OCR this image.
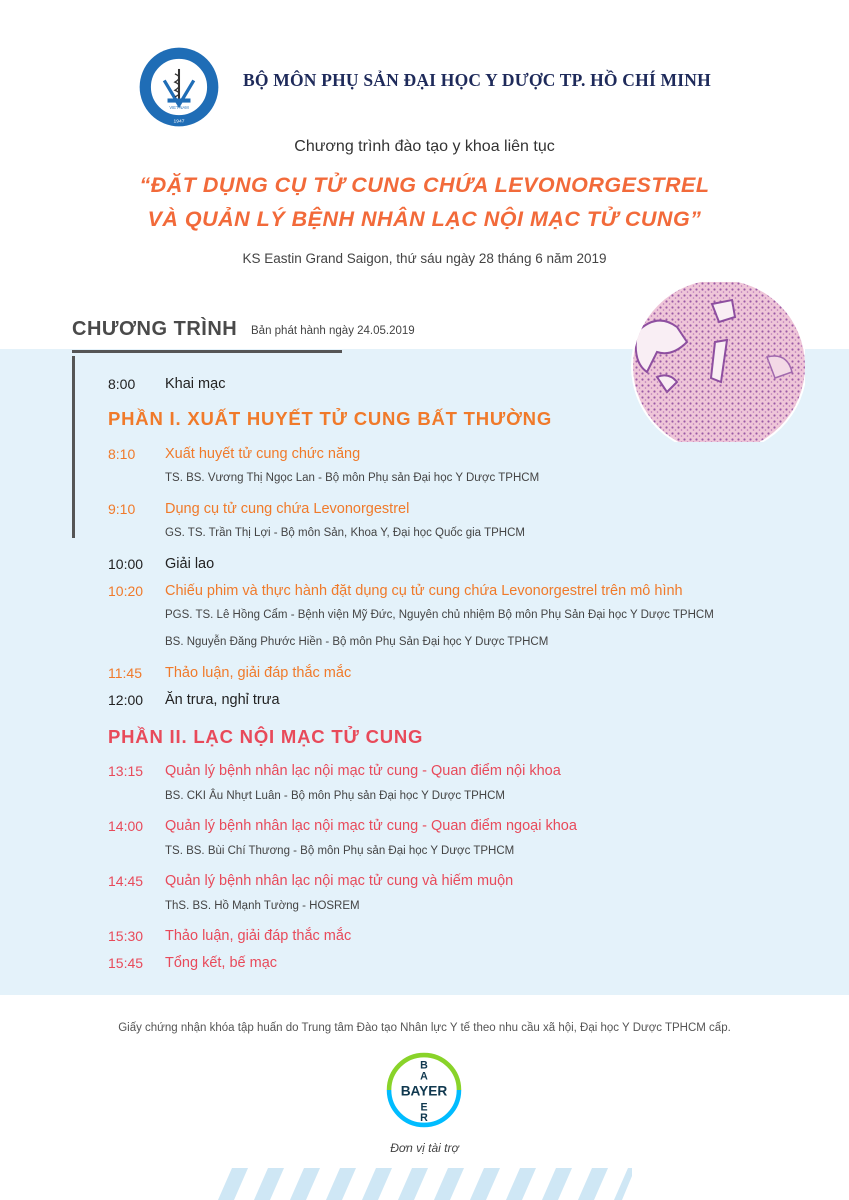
VIET NAM
1947
BỘ MÔN PHỤ SẢN ĐẠI HỌC Y DƯỢC TP. HỒ CHÍ MINH
Chương trình đào tạo y khoa liên tục
“ĐẶT DỤNG CỤ TỬ CUNG CHỨA LEVONORGESTREL
VÀ QUẢN LÝ BỆNH NHÂN LẠC NỘI MẠC TỬ CUNG”
KS Eastin Grand Saigon, thứ sáu ngày 28 tháng 6 năm 2019
CHƯƠNG TRÌNH Bản phát hành ngày 24.05.2019
8:00 Khai mạc
PHẦN I. XUẤT HUYẾT TỬ CUNG BẤT THƯỜNG
8:10 Xuất huyết tử cung chức năng
TS. BS. Vương Thị Ngọc Lan - Bộ môn Phụ sản Đại học Y Dược TPHCM
9:10 Dụng cụ tử cung chứa Levonorgestrel
GS. TS. Trần Thị Lợi - Bộ môn Sản, Khoa Y, Đại học Quốc gia TPHCM
10:00 Giải lao
10:20 Chiếu phim và thực hành đặt dụng cụ tử cung chứa Levonorgestrel trên mô hình
PGS. TS. Lê Hồng Cẩm - Bệnh viện Mỹ Đức, Nguyên chủ nhiệm Bộ môn Phụ Sản Đại học Y Dược TPHCM
BS. Nguyễn Đăng Phước Hiền - Bộ môn Phụ Sản Đại học Y Dược TPHCM
11:45 Thảo luận, giải đáp thắc mắc
12:00 Ăn trưa, nghỉ trưa
PHẦN II. LẠC NỘI MẠC TỬ CUNG
13:15 Quản lý bệnh nhân lạc nội mạc tử cung - Quan điểm nội khoa
BS. CKI Âu Nhựt Luân - Bộ môn Phụ sản Đại học Y Dược TPHCM
14:00 Quản lý bệnh nhân lạc nội mạc tử cung - Quan điểm ngoại khoa
TS. BS. Bùi Chí Thương - Bộ môn Phụ sản Đại học Y Dược TPHCM
14:45 Quản lý bệnh nhân lạc nội mạc tử cung và hiếm muộn
ThS. BS. Hồ Mạnh Tường - HOSREM
15:30 Thảo luận, giải đáp thắc mắc
15:45 Tổng kết, bế mạc
Giấy chứng nhận khóa tập huấn do Trung tâm Đào tạo Nhân lực Y tế theo nhu cầu xã hội, Đại học Y Dược TPHCM cấp.
BAYER
B
A
E
R
Đơn vị tài trợ
